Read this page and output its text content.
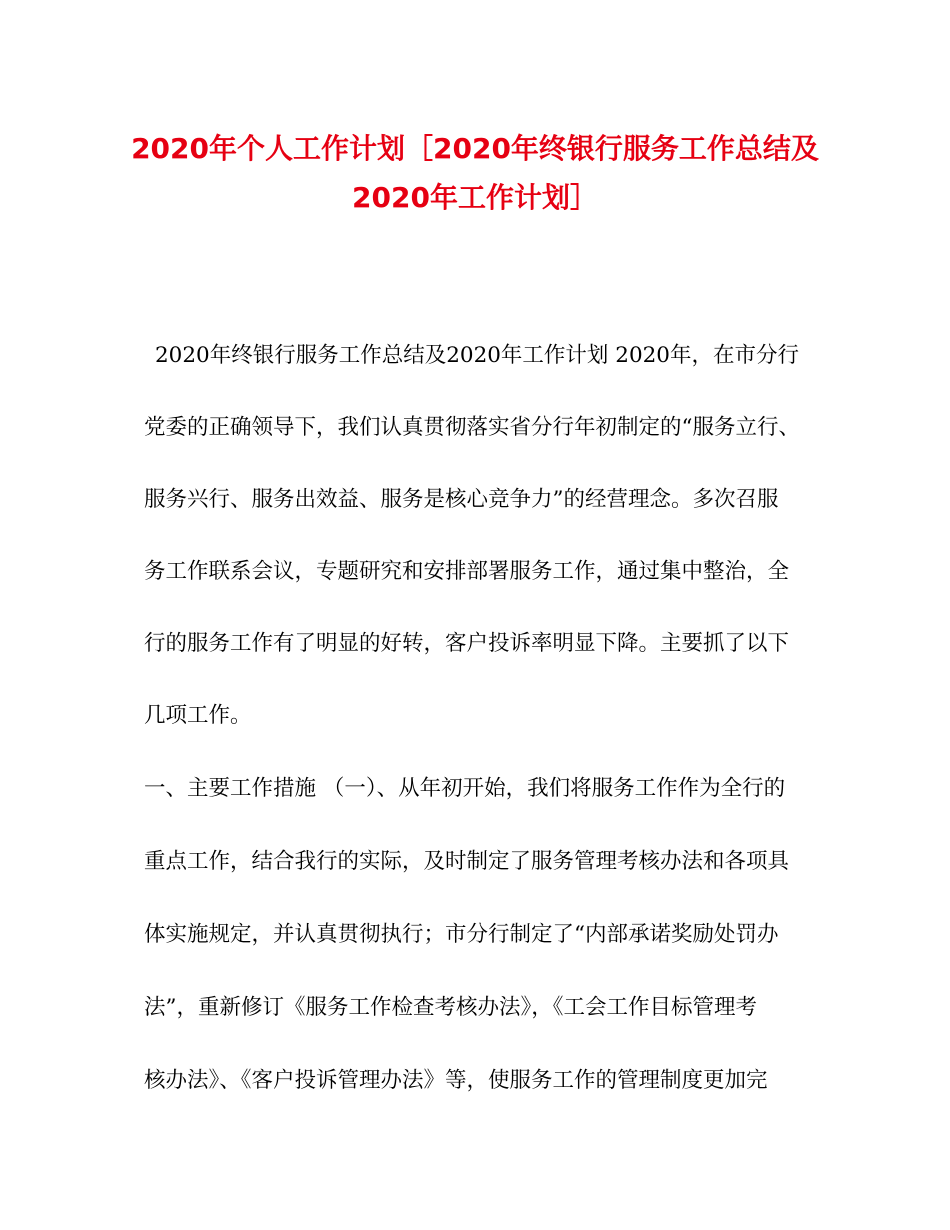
2020年个人工作计划［2020年终银行服务工作总结及
2020年工作计划］
2020年终银行服务工作总结及2020年工作计划 2020年，在市分行
党委的正确领导下，我们认真贯彻落实省分行年初制定的“服务立行、
服务兴行、服务出效益、服务是核心竞争力”的经营理念。多次召服
务工作联系会议，专题研究和安排部署服务工作，通过集中整治，全
行的服务工作有了明显的好转，客户投诉率明显下降。主要抓了以下
几项工作。
一、主要工作措施 （一）、从年初开始，我们将服务工作作为全行的
重点工作，结合我行的实际，及时制定了服务管理考核办法和各项具
体实施规定，并认真贯彻执行；市分行制定了“内部承诺奖励处罚办
法”，重新修订《服务工作检查考核办法》，《工会工作目标管理考
核办法》、《客户投诉管理办法》等，使服务工作的管理制度更加完
